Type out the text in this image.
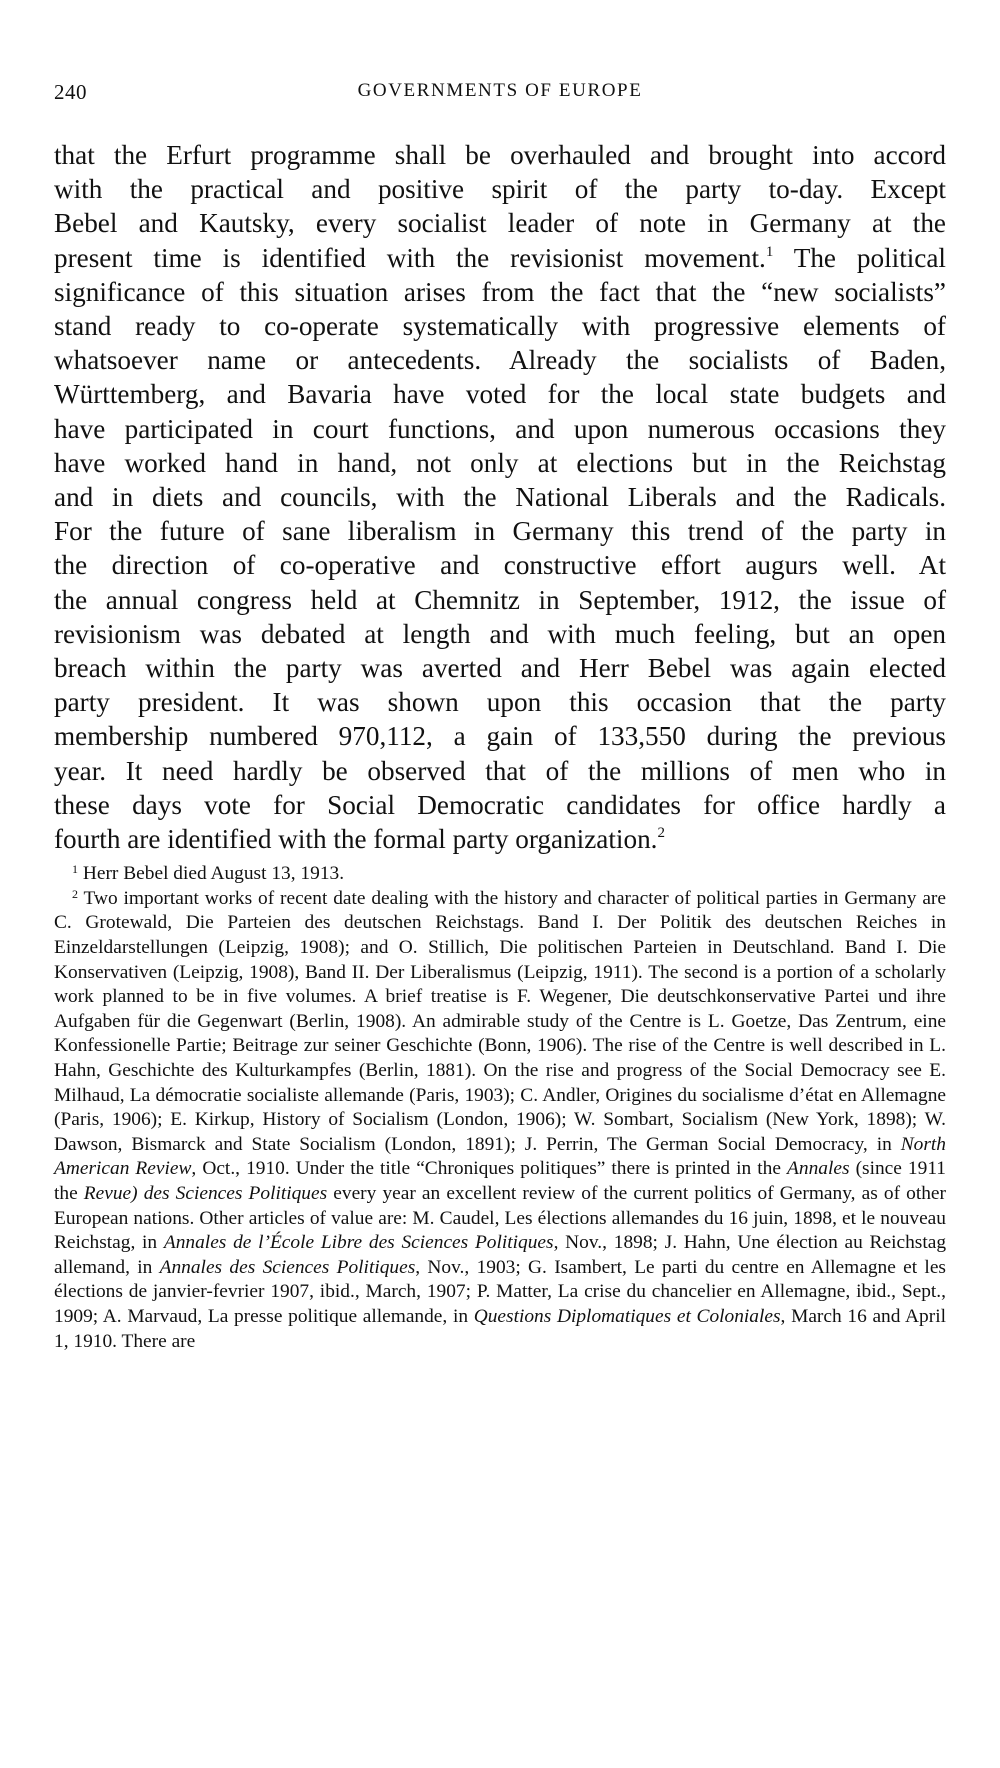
240	GOVERNMENTS OF EUROPE
that the Erfurt programme shall be overhauled and brought into accord
with the practical and positive spirit of the party to-day. Except
Bebel and Kautsky, every socialist leader of note in Germany at the
present time is identified with the revisionist movement.$^1$ The political
significance of this situation arises from the fact that the “new socialists”
stand ready to co-operate systematically with progressive elements of
whatsoever name or antecedents. Already the socialists of Baden,
Württemberg, and Bavaria have voted for the local state budgets and
have participated in court functions, and upon numerous occasions they
have worked hand in hand, not only at elections but in the Reichstag
and in diets and councils, with the National Liberals and the Radicals.
For the future of sane liberalism in Germany this trend of the party in
the direction of co-operative and constructive effort augurs well. At
the annual congress held at Chemnitz in September, 1912, the issue of
revisionism was debated at length and with much feeling, but an open
breach within the party was averted and Herr Bebel was again elected
party president. It was shown upon this occasion that the party
membership numbered 970,112, a gain of 133,550 during the previous
year. It need hardly be observed that of the millions of men who in
these days vote for Social Democratic candidates for office hardly a
fourth are identified with the formal party organization.$^2$

$^1$ Herr Bebel died August 13, 1913.

$^2$ Two important works of recent date dealing with the history and character of political parties in Germany are C. Grotewald, Die Parteien des deutschen Reichstags. Band I. Der Politik des deutschen Reiches in Einzeldarstellungen (Leipzig, 1908); and O. Stillich, Die politischen Parteien in Deutschland. Band I. Die Konservativen (Leipzig, 1908), Band II. Der Liberalismus (Leipzig, 1911). The second is a portion of a scholarly work planned to be in five volumes. A brief treatise is F. Wegener, Die deutschkonservative Partei und ihre Aufgaben für die Gegenwart (Berlin, 1908). An admirable study of the Centre is L. Goetze, Das Zentrum, eine Konfessionelle Partie; Beitrage zur seiner Geschichte (Bonn, 1906). The rise of the Centre is well described in L. Hahn, Geschichte des Kulturkampfes (Berlin, 1881). On the rise and progress of the Social Democracy see E. Milhaud, La démocratie socialiste allemande (Paris, 1903); C. Andler, Origines du socialisme d’état en Allemagne (Paris, 1906); E. Kirkup, History of Socialism (London, 1906); W. Sombart, Socialism (New York, 1898); W. Dawson, Bismarck and State Socialism (London, 1891); J. Perrin, The German Social Democracy, in North American Review, Oct., 1910. Under the title “Chroniques politiques” there is printed in the Annales (since 1911 the Revue) des Sciences Politiques every year an excellent review of the current politics of Germany, as of other European nations. Other articles of value are: M. Caudel, Les élections allemandes du 16 juin, 1898, et le nouveau Reichstag, in Annales de l’École Libre des Sciences Politiques, Nov., 1898; J. Hahn, Une élection au Reichstag allemand, in Annales des Sciences Politiques, Nov., 1903; G. Isambert, Le parti du centre en Allemagne et les élections de janvier-fevrier 1907, ibid., March, 1907; P. Matter, La crise du chancelier en Allemagne, ibid., Sept., 1909; A. Marvaud, La presse politique allemande, in Questions Diplomatiques et Coloniales, March 16 and April 1, 1910. There are
